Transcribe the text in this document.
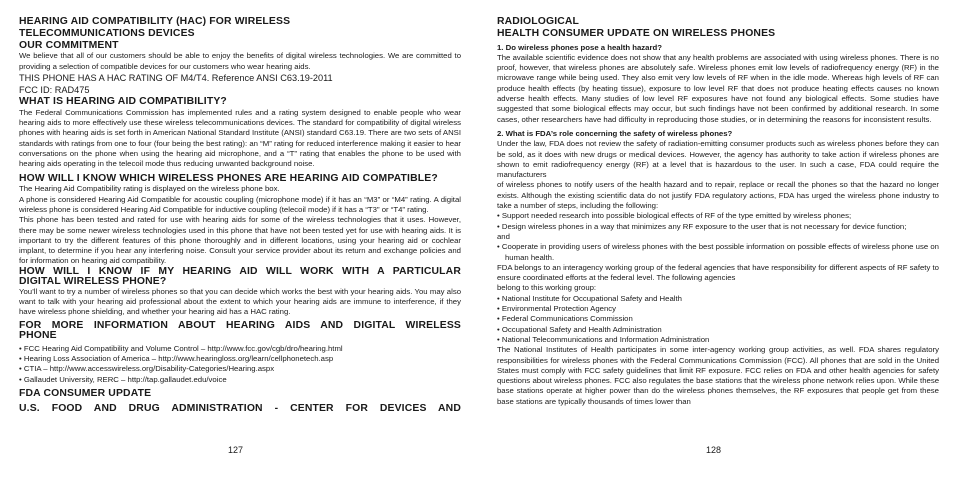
HEARING AID COMPATIBILITY (HAC) FOR WIRELESS

TELECOMMUNICATIONS DEVICES

OUR COMMITMENT

We believe that all of our customers should be able to enjoy the benefits of digital wireless technologies. We are committed to providing a selection of compatible devices for our customers who wear hearing aids.

THIS PHONE HAS A HAC RATING OF M4/T4. Reference ANSI C63.19-2011

FCC ID: RAD475

WHAT IS HEARING AID COMPATIBILITY?

The Federal Communications Commission has implemented rules and a rating system designed to enable people who wear hearing aids to more effectively use these wireless telecommunications devices. The standard for compatibility of digital wireless phones with hearing aids is set forth in American National Standard Institute (ANSI) standard C63.19. There are two sets of ANSI standards with ratings from one to four (four being the best rating): an “M” rating for reduced interference making it easier to hear conversations on the phone when using the hearing aid microphone, and a “T” rating that enables the phone to be used with hearing aids operating in the telecoil mode thus reducing unwanted background noise.

HOW WILL I KNOW WHICH WIRELESS PHONES ARE HEARING AID COMPATIBLE?

The Hearing Aid Compatibility rating is displayed on the wireless phone box.

A phone is considered Hearing Aid Compatible for acoustic coupling (microphone mode) if it has an “M3” or “M4” rating. A digital wireless phone is considered Hearing Aid Compatible for inductive coupling (telecoil mode) if it has a “T3” or “T4” rating.

This phone has been tested and rated for use with hearing aids for some of the wireless technologies that it uses. However, there may be some newer wireless technologies used in this phone that have not been tested yet for use with hearing aids. It is important to try the different features of this phone thoroughly and in different locations, using your hearing aid or cochlear implant, to determine if you hear any interfering noise. Consult your service provider about its return and exchange policies and for information on hearing aid compatibility.

HOW WILL I KNOW IF MY HEARING AID WILL WORK WITH A PARTICULAR

DIGITAL WIRELESS PHONE?

You’ll want to try a number of wireless phones so that you can decide which works the best with your hearing aids. You may also want to talk with your hearing aid professional about the extent to which your hearing aids are immune to interference, if they have wireless phone shielding, and whether your hearing aid has a HAC rating.

FOR MORE INFORMATION ABOUT HEARING AIDS AND DIGITAL WIRELESS

PHONE

• FCC Hearing Aid Compatibility and Volume Control – http://www.fcc.gov/cgb/dro/hearing.html

• Hearing Loss Association of America – http://www.hearingloss.org/learn/cellphonetech.asp

• CTIA – http://www.accesswireless.org/Disability-Categories/Hearing.aspx

• Gallaudet University, RERC – http://tap.gallaudet.edu/voice

FDA CONSUMER UPDATE

U.S. FOOD AND DRUG ADMINISTRATION - CENTER FOR DEVICES AND

RADIOLOGICAL

HEALTH CONSUMER UPDATE ON WIRELESS PHONES

1. Do wireless phones pose a health hazard?

The available scientific evidence does not show that any health problems are associated with using wireless phones. There is no proof, however, that wireless phones are absolutely safe. Wireless phones emit low levels of radiofrequency energy (RF) in the microwave range while being used. They also emit very low levels of RF when in the idle mode. Whereas high levels of RF can produce health effects (by heating tissue), exposure to low level RF that does not produce heating effects causes no known adverse health effects. Many studies of low level RF exposures have not found any biological effects. Some studies have suggested that some biological effects may occur, but such findings have not been confirmed by additional research. In some cases, other researchers have had difficulty in reproducing those studies, or in determining the reasons for inconsistent results.

2. What is FDA’s role concerning the safety of wireless phones?

Under the law, FDA does not review the safety of radiation-emitting consumer products such as wireless phones before they can be sold, as it does with new drugs or medical devices. However, the agency has authority to take action if wireless phones are shown to emit radiofrequency energy (RF) at a level that is hazardous to the user. In such a case, FDA could require the manufacturers

of wireless phones to notify users of the health hazard and to repair, replace or recall the phones so that the hazard no longer exists. Although the existing scientific data do not justify FDA regulatory actions, FDA has urged the wireless phone industry to take a number of steps, including the following:

• Support needed research into possible biological effects of RF of the type emitted by wireless phones;

• Design wireless phones in a way that minimizes any RF exposure to the user that is not necessary for device function;

and

• Cooperate in providing users of wireless phones with the best possible information on possible effects of wireless phone use on human health.

FDA belongs to an interagency working group of the federal agencies that have responsibility for different aspects of RF safety to ensure coordinated efforts at the federal level. The following agencies

belong to this working group:

• National Institute for Occupational Safety and Health

• Environmental Protection Agency

• Federal Communications Commission

• Occupational Safety and Health Administration

• National Telecommunications and Information Administration

The National Institutes of Health participates in some inter-agency working group activities, as well. FDA shares regulatory responsibilities for wireless phones with the Federal Communications Commission (FCC). All phones that are sold in the United States must comply with FCC safety guidelines that limit RF exposure. FCC relies on FDA and other health agencies for safety questions about wireless phones. FCC also regulates the base stations that the wireless phone network relies upon. While these base stations operate at higher power than do the wireless phones themselves, the RF exposures that people get from these base stations are typically thousands of times lower than

127	128
